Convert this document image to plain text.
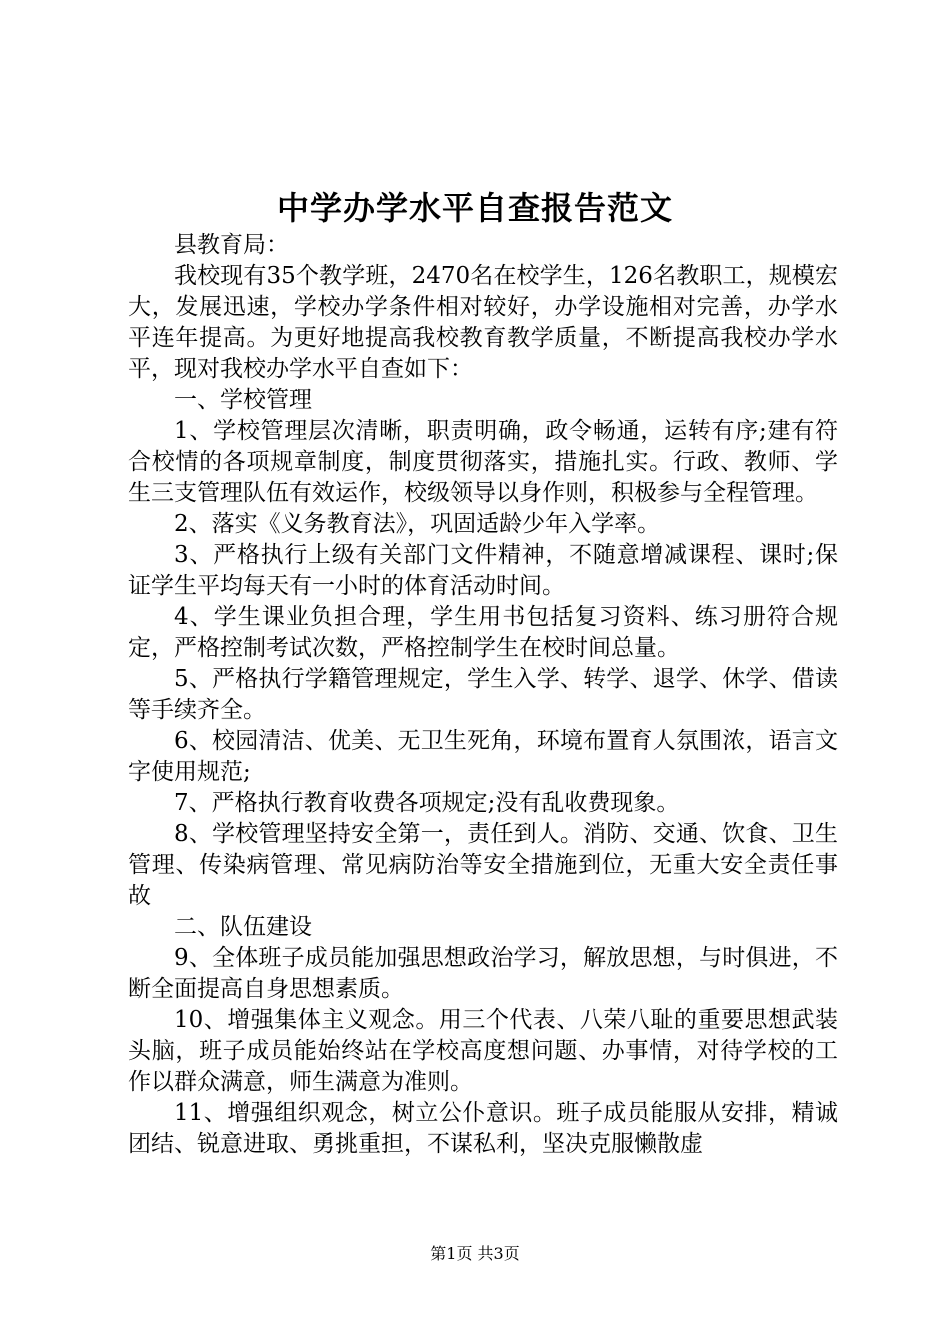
中学办学水平自查报告范文

县教育局：

我校现有35个教学班，2470名在校学生，126名教职工，规模宏大，发展迅速，学校办学条件相对较好，办学设施相对完善，办学水平连年提高。为更好地提高我校教育教学质量，不断提高我校办学水平，现对我校办学水平自查如下：

一、学校管理

1、学校管理层次清晰，职责明确，政令畅通，运转有序;建有符合校情的各项规章制度，制度贯彻落实，措施扎实。行政、教师、学生三支管理队伍有效运作，校级领导以身作则，积极参与全程管理。

2、落实《义务教育法》，巩固适龄少年入学率。

3、严格执行上级有关部门文件精神，不随意增减课程、课时;保证学生平均每天有一小时的体育活动时间。

4、学生课业负担合理，学生用书包括复习资料、练习册符合规定，严格控制考试次数，严格控制学生在校时间总量。

5、严格执行学籍管理规定，学生入学、转学、退学、休学、借读等手续齐全。

6、校园清洁、优美、无卫生死角，环境布置育人氛围浓，语言文字使用规范;

7、严格执行教育收费各项规定;没有乱收费现象。

8、学校管理坚持安全第一，责任到人。消防、交通、饮食、卫生管理、传染病管理、常见病防治等安全措施到位，无重大安全责任事故

二、队伍建设

9、全体班子成员能加强思想政治学习，解放思想，与时俱进，不断全面提高自身思想素质。

10、增强集体主义观念。用三个代表、八荣八耻的重要思想武装头脑，班子成员能始终站在学校高度想问题、办事情，对待学校的工作以群众满意，师生满意为准则。

11、增强组织观念，树立公仆意识。班子成员能服从安排，精诚团结、锐意进取、勇挑重担，不谋私利，坚决克服懒散虚

第1页 共3页
